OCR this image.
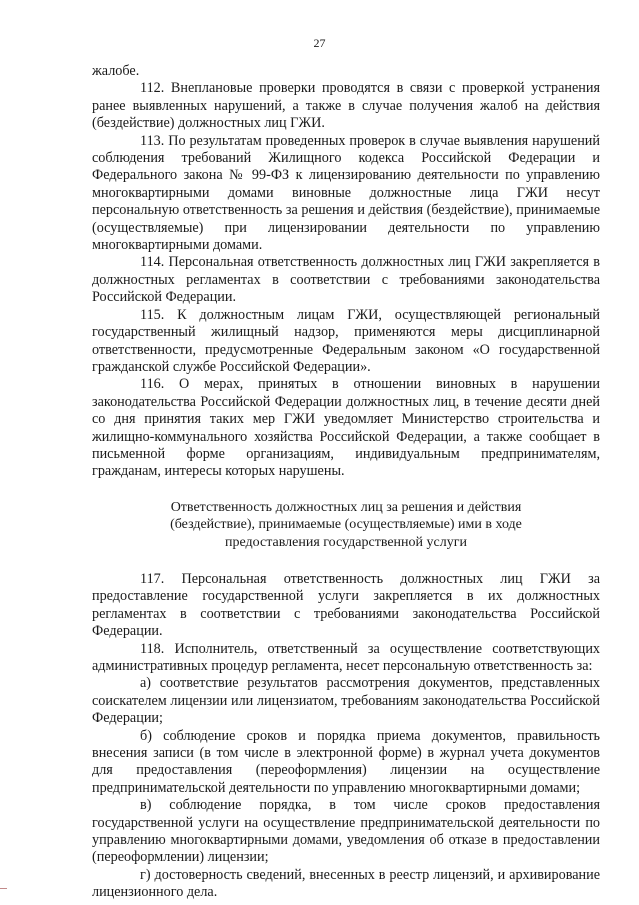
27

жалобе.

112. Внеплановые проверки проводятся в связи с проверкой устранения ранее выявленных нарушений, а также в случае получения жалоб на действия (бездействие) должностных лиц ГЖИ.

113. По результатам проведенных проверок в случае выявления нарушений соблюдения требований Жилищного кодекса Российской Федерации и Федерального закона № 99-ФЗ к лицензированию деятельности по управлению многоквартирными домами виновные должностные лица ГЖИ несут персональную ответственность за решения и действия (бездействие), принимаемые (осуществляемые) при лицензировании деятельности по управлению многоквартирными домами.

114. Персональная ответственность должностных лиц ГЖИ закрепляется в должностных регламентах в соответствии с требованиями законодательства Российской Федерации.

115. К должностным лицам ГЖИ, осуществляющей региональный государственный жилищный надзор, применяются меры дисциплинарной ответственности, предусмотренные Федеральным законом «О государственной гражданской службе Российской Федерации».

116. О мерах, принятых в отношении виновных в нарушении законодательства Российской Федерации должностных лиц, в течение десяти дней со дня принятия таких мер ГЖИ уведомляет Министерство строительства и жилищно-коммунального хозяйства Российской Федерации, а также сообщает в письменной форме организациям, индивидуальным предпринимателям, гражданам, интересы которых нарушены.

Ответственность должностных лиц за решения и действия
(бездействие), принимаемые (осуществляемые) ими в ходе
предоставления государственной услуги

117. Персональная ответственность должностных лиц ГЖИ за предоставление государственной услуги закрепляется в их должностных регламентах в соответствии с требованиями законодательства Российской Федерации.

118. Исполнитель, ответственный за осуществление соответствующих административных процедур регламента, несет персональную ответственность за:

а) соответствие результатов рассмотрения документов, представленных соискателем лицензии или лицензиатом, требованиям законодательства Российской Федерации;

б) соблюдение сроков и порядка приема документов, правильность внесения записи (в том числе в электронной форме) в журнал учета документов для предоставления (переоформления) лицензии на осуществление предпринимательской деятельности по управлению многоквартирными домами;

в) соблюдение порядка, в том числе сроков предоставления государственной услуги на осуществление предпринимательской деятельности по управлению многоквартирными домами, уведомления об отказе в предоставлении (переоформлении) лицензии;

г) достоверность сведений, внесенных в реестр лицензий, и архивирование лицензионного дела.
